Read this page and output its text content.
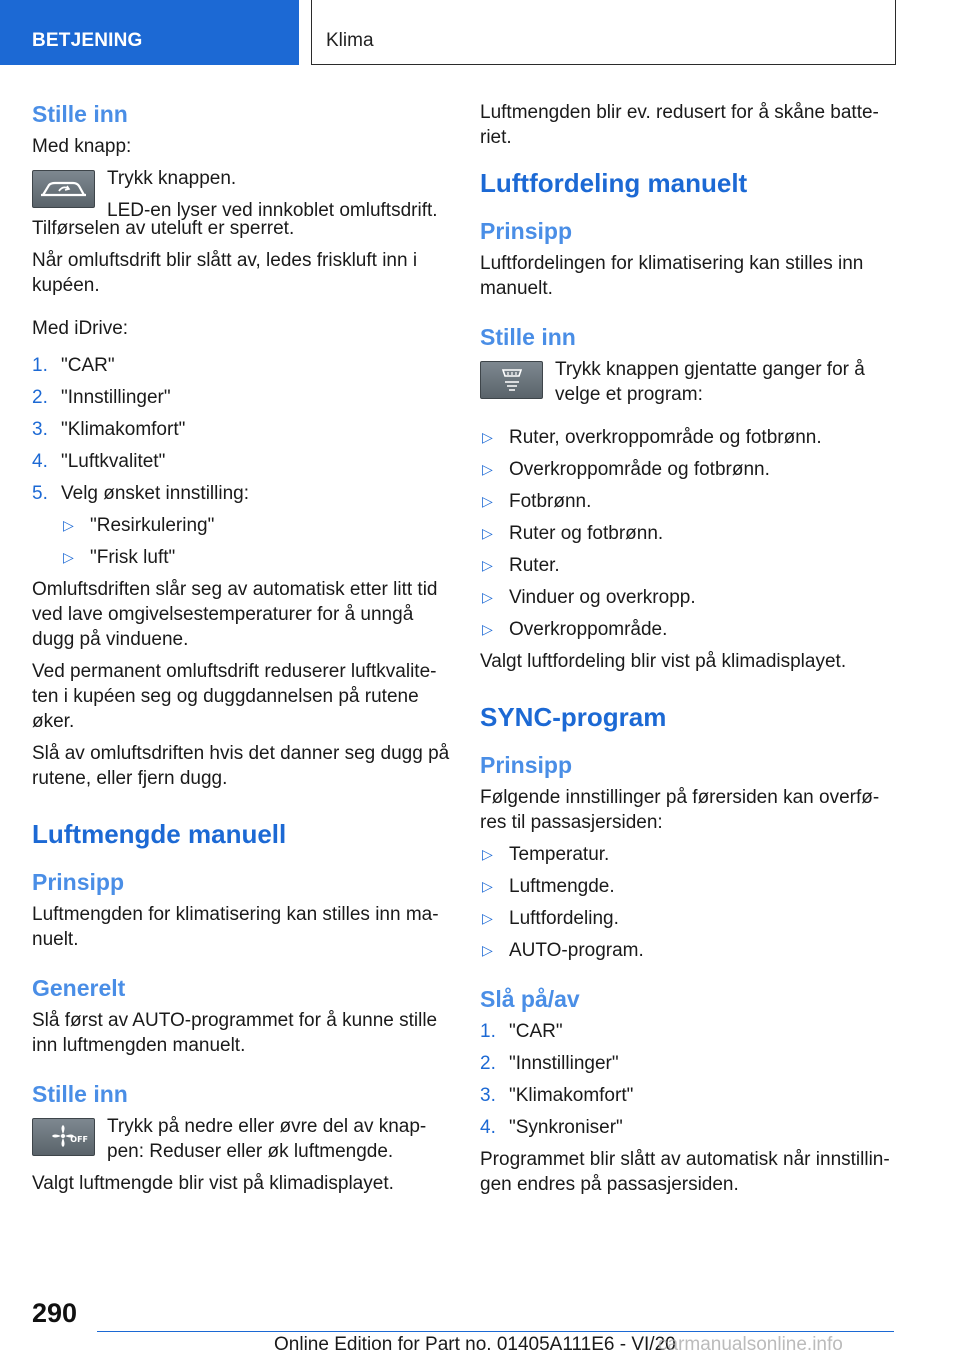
BETJENING	Klima
Stille inn

Med knapp:

Trykk knappen.

LED-en lyser ved innkoblet omluftsdrift.

Tilførselen av uteluft er sperret.

Når omluftsdrift blir slått av, ledes friskluft inn i kupéen.

Med iDrive:

1. "CAR"
2. "Innstillinger"
3. "Klimakomfort"
4. "Luftkvalitet"
5. Velg ønsket innstilling:
▷ "Resirkulering"
▷ "Frisk luft"

Omluftsdriften slår seg av automatisk etter litt tid ved lave omgivelsestemperaturer for å unngå dugg på vinduene.

Ved permanent omluftsdrift reduserer luftkvalite-ten i kupéen seg og duggdannelsen på rutene øker.

Slå av omluftsdriften hvis det danner seg dugg på rutene, eller fjern dugg.

Luftmengde manuell
Prinsipp

Luftmengden for klimatisering kan stilles inn ma-nuelt.

Generelt

Slå først av AUTO-programmet for å kunne stille inn luftmengden manuelt.

Stille inn
OFF

Trykk på nedre eller øvre del av knap-pen: Reduser eller øk luftmengde.

Valgt luftmengde blir vist på klimadisplayet.

Luftmengden blir ev. redusert for å skåne batte-riet.

Luftfordeling manuelt
Prinsipp

Luftfordelingen for klimatisering kan stilles inn manuelt.

Stille inn

Trykk knappen gjentatte ganger for å velge et program:

▷ Ruter, overkroppområde og fotbrønn.
▷ Overkroppområde og fotbrønn.
▷ Fotbrønn.
▷ Ruter og fotbrønn.
▷ Ruter.
▷ Vinduer og overkropp.
▷ Overkroppområde.

Valgt luftfordeling blir vist på klimadisplayet.

SYNC-program
Prinsipp

Følgende innstillinger på førersiden kan overfø-res til passasjersiden:

▷ Temperatur.
▷ Luftmengde.
▷ Luftfordeling.
▷ AUTO-program.
Slå på/av
1. "CAR"
2. "Innstillinger"
3. "Klimakomfort"
4. "Synkroniser"

Programmet blir slått av automatisk når innstillin-gen endres på passasjersiden.

290
Online Edition for Part no. 01405A111E6 - VI/20
carmanualsonline.info
